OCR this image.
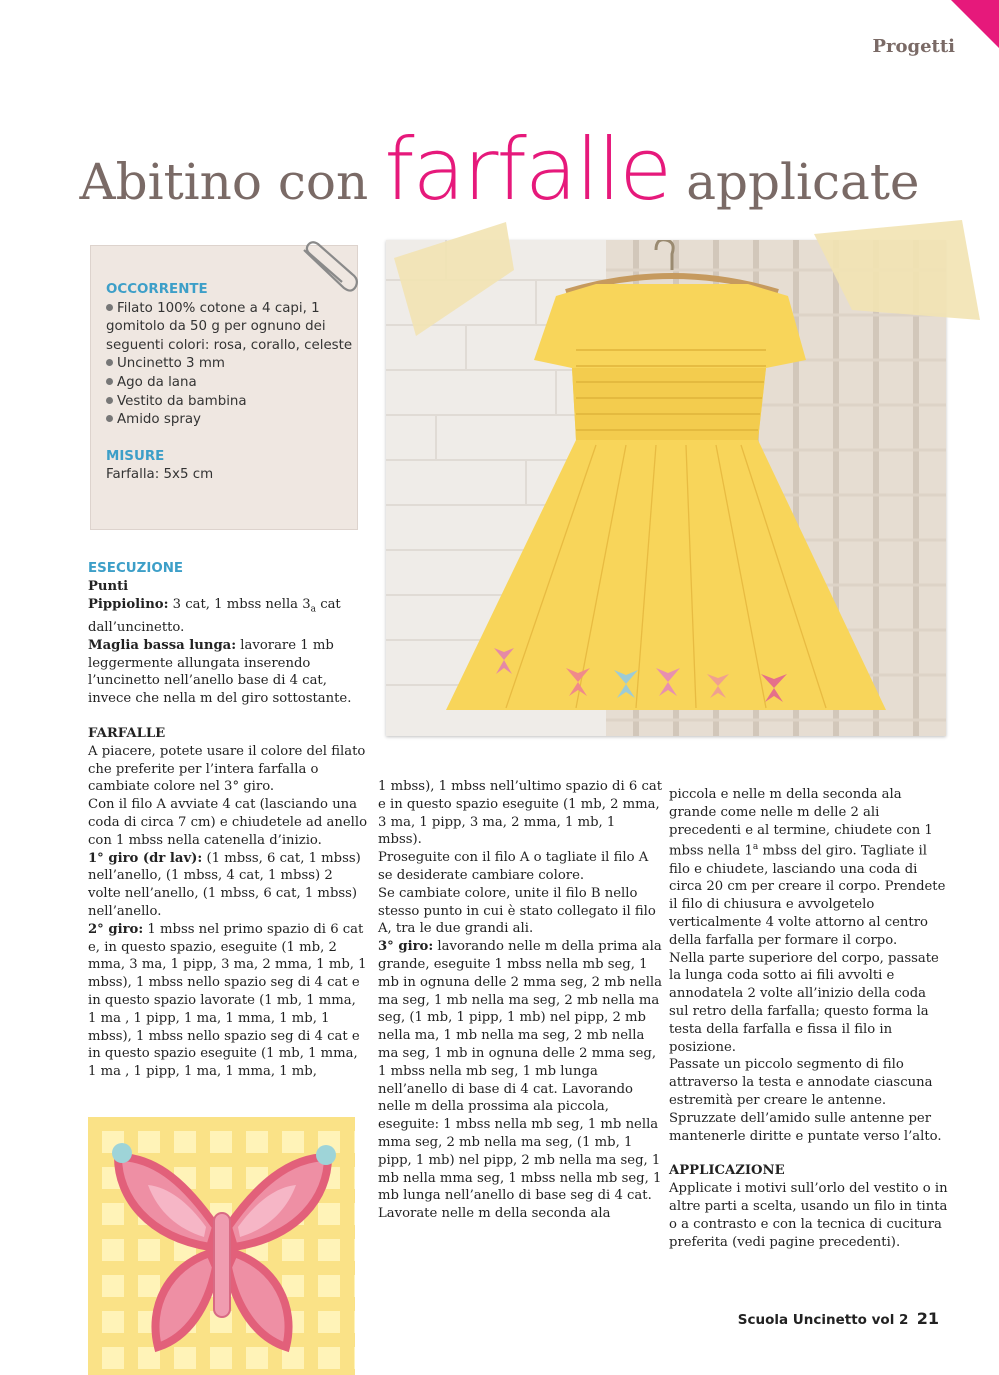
Progetti
Abitino con farfalle applicate
OCCORRENTE
Filato 100% cotone a 4 capi, 1 gomitolo da 50 g per ognuno dei seguenti colori: rosa, corallo, celeste
Uncinetto 3 mm
Ago da lana
Vestito da bambina
Amido spray
MISURE
Farfalla: 5x5 cm

ESECUZIONE

Punti

Pippiolino: 3 cat, 1 mbss nella $3_a$ cat dall’uncinetto.

Maglia bassa lunga: lavorare 1 mb leggermente allungata inserendo l’uncinetto nell’anello base di 4 cat, invece che nella m del giro sottostante.

FARFALLE

A piacere, potete usare il colore del filato che preferite per l’intera farfalla o cambiate colore nel 3° giro.

Con il filo A avviate 4 cat (lasciando una coda di circa 7 cm) e chiudetele ad anello con 1 mbss nella catenella d’inizio.

1° giro (dr lav): (1 mbss, 6 cat, 1 mbss) nell’anello, (1 mbss, 4 cat, 1 mbss) 2 volte nell’anello, (1 mbss, 6 cat, 1 mbss) nell’anello.

2° giro: 1 mbss nel primo spazio di 6 cat e, in questo spazio, eseguite (1 mb, 2 mma, 3 ma, 1 pipp, 3 ma, 2 mma, 1 mb, 1 mbss), 1 mbss nello spazio seg di 4 cat e in questo spazio lavorate (1 mb, 1 mma, 1 ma , 1 pipp, 1 ma, 1 mma, 1 mb, 1 mbss), 1 mbss nello spazio seg di 4 cat e in questo spazio eseguite (1 mb, 1 mma, 1 ma , 1 pipp, 1 ma, 1 mma, 1 mb,

1 mbss), 1 mbss nell’ultimo spazio di 6 cat e in questo spazio eseguite (1 mb, 2 mma, 3 ma, 1 pipp, 3 ma, 2 mma, 1 mb, 1 mbss).

Proseguite con il filo A o tagliate il filo A se desiderate cambiare colore.

Se cambiate colore, unite il filo B nello stesso punto in cui è stato collegato il filo A, tra le due grandi ali.

3° giro: lavorando nelle m della prima ala grande, eseguite 1 mbss nella mb seg, 1 mb in ognuna delle 2 mma seg, 2 mb nella ma seg, 1 mb nella ma seg, 2 mb nella ma seg, (1 mb, 1 pipp, 1 mb) nel pipp, 2 mb nella ma, 1 mb nella ma seg, 2 mb nella ma seg, 1 mb in ognuna delle 2 mma seg, 1 mbss nella mb seg, 1 mb lunga nell’anello di base di 4 cat. Lavorando nelle m della prossima ala piccola, eseguite: 1 mbss nella mb seg, 1 mb nella mma seg, 2 mb nella ma seg, (1 mb, 1 pipp, 1 mb) nel pipp, 2 mb nella ma seg, 1 mb nella mma seg, 1 mbss nella mb seg, 1 mb lunga nell’anello di base seg di 4 cat.

Lavorate nelle m della seconda ala

piccola e nelle m della seconda ala grande come nelle m delle 2 ali precedenti e al termine, chiudete con 1 mbss nella 1$^a$ mbss del giro. Tagliate il filo e chiudete, lasciando una coda di circa 20 cm per creare il corpo. Prendete il filo di chiusura e avvolgetelo verticalmente 4 volte attorno al centro della farfalla per formare il corpo.

Nella parte superiore del corpo, passate la lunga coda sotto ai fili avvolti e annodatela 2 volte all’inizio della coda sul retro della farfalla; questo forma la testa della farfalla e fissa il filo in posizione.

Passate un piccolo segmento di filo attraverso la testa e annodate ciascuna estremità per creare le antenne.

Spruzzate dell’amido sulle antenne per mantenerle diritte e puntate verso l’alto.

APPLICAZIONE

Applicate i motivi sull’orlo del vestito o in altre parti a scelta, usando un filo in tinta o a contrasto e con la tecnica di cucitura preferita (vedi pagine precedenti).

Scuola Uncinetto vol 2 21
